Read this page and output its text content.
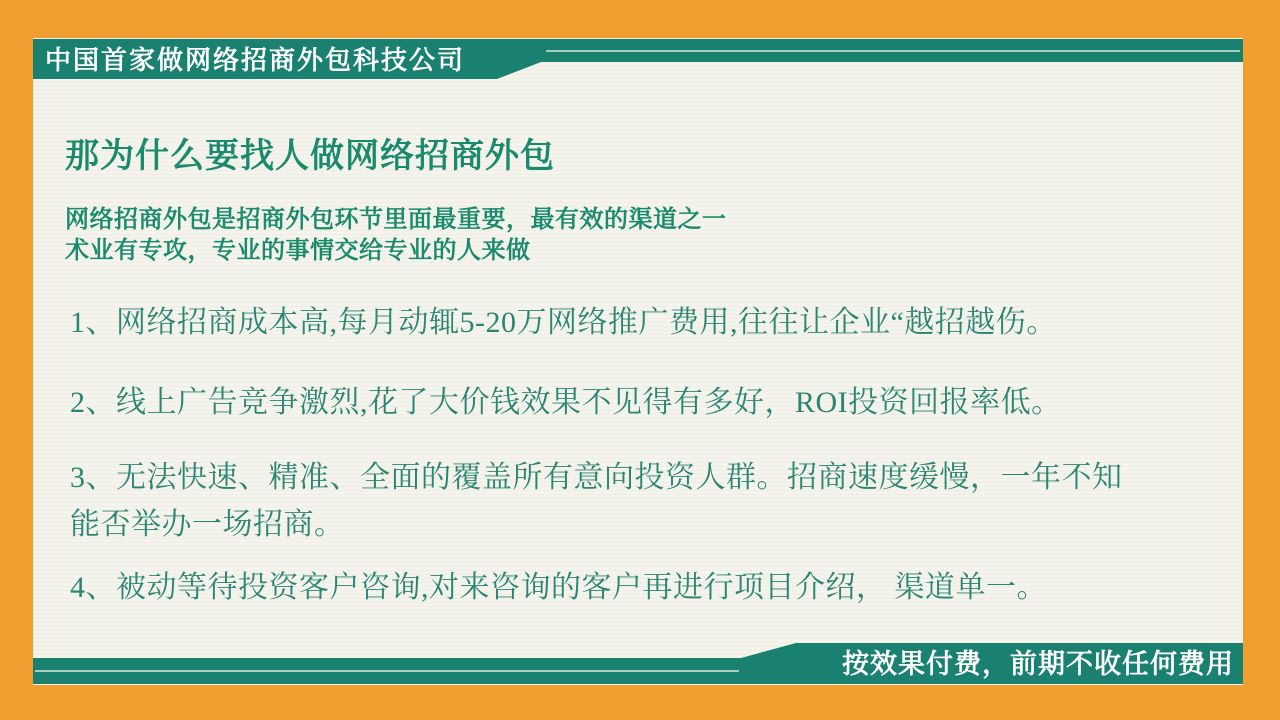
中国首家做网络招商外包科技公司
那为什么要找人做网络招商外包
网络招商外包是招商外包环节里面最重要，最有效的渠道之一
术业有专攻，专业的事情交给专业的人来做
1、网络招商成本高,每月动辄5-20万网络推广费用,往往让企业“越招越伤。
2、线上广告竞争激烈,花了大价钱效果不见得有多好，ROI投资回报率低。
3、无法快速、精准、全面的覆盖所有意向投资人群。招商速度缓慢，一年不知
能否举办一场招商。
4、被动等待投资客户咨询,对来咨询的客户再进行项目介绍， 渠道单一。
按效果付费，前期不收任何费用
